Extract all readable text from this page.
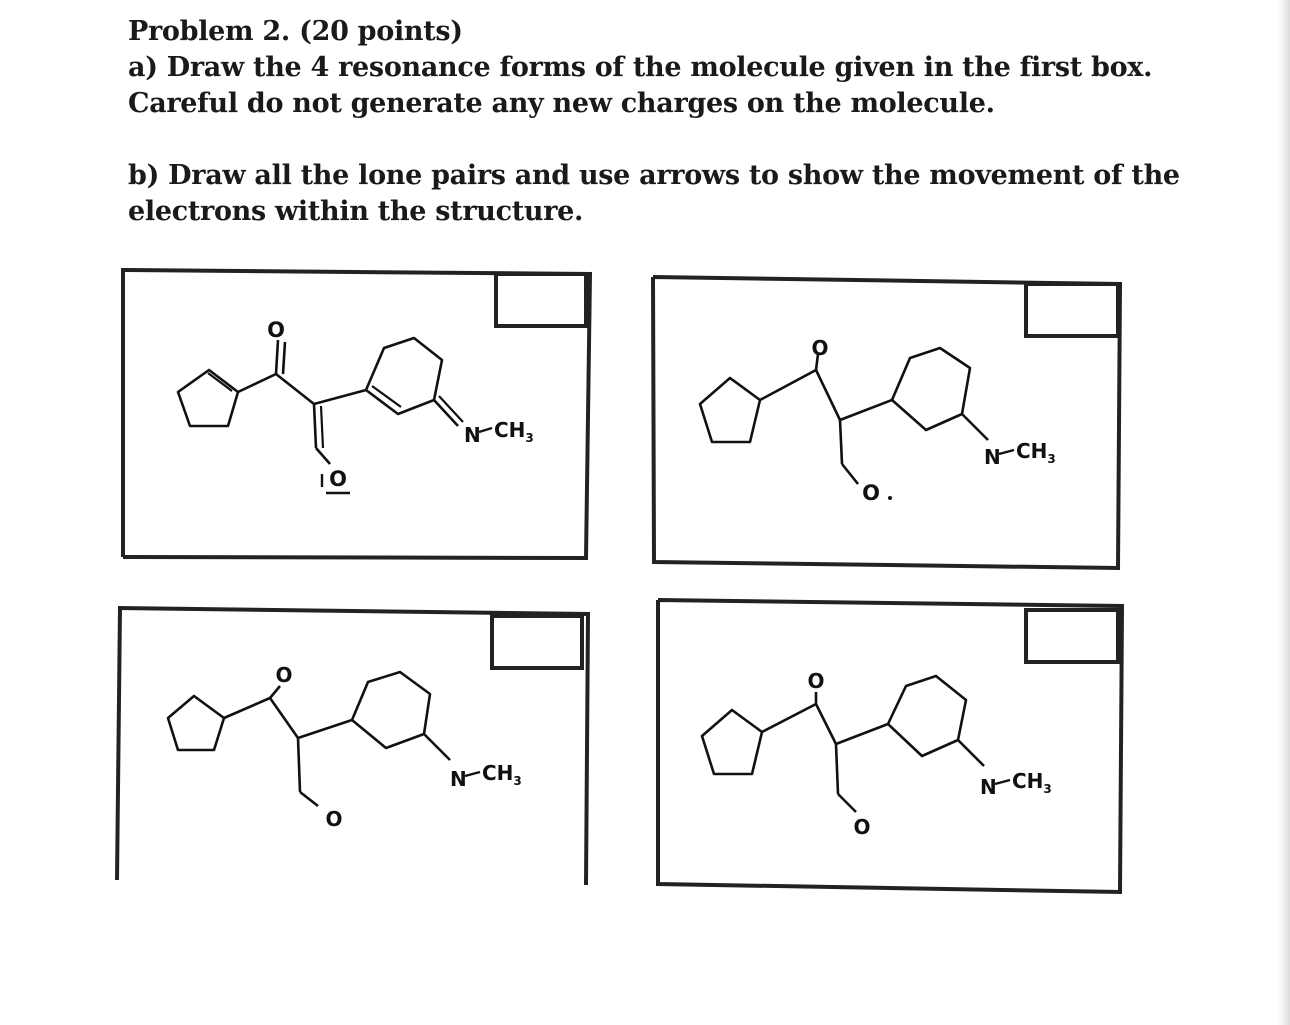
Problem 2. (20 points)

a) Draw the 4 resonance forms of the molecule given in the first box. Careful do not generate any new charges on the molecule.

b) Draw all the lone pairs and use arrows to show the movement of the electrons within the structure.

O
O
N $CH_3$
O
O
N $CH_3$
O
O
N $CH_3$
O
O
N $CH_3$
